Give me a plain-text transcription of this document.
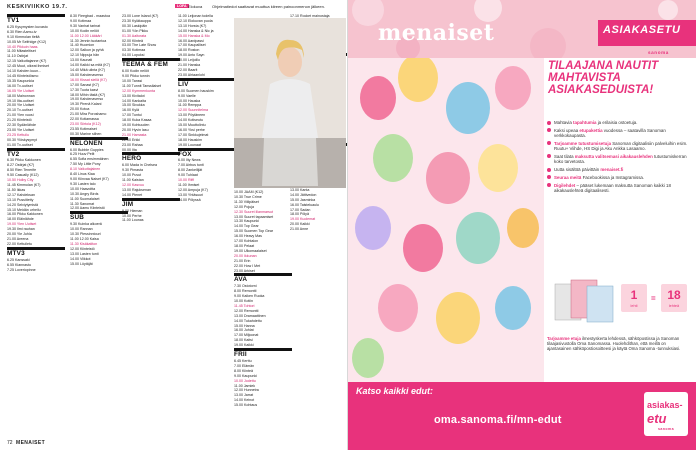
KESKIVIIKKO 19.7.	LÖFA Elokuva Ohjelmatiedot saattavat muuttua kiireen painoonmenon jälkeen.
TV1
6.25 Kysymysten kuvasto
6.30 Rien Aamu-tv
9.10 Kimmolan tieltä
10.05 Mr Selfridge (K12)
10.40 Pikkuin haas.
11.00 Mitasteltiset
11.10 Ostirjat
12.15 Vaikuttajanne (K7)
12.45 Muut, oikeat ihmiset
14.10 Kahden kuun...
14.45 Kiinteistösmo
15.35 Kaupunkia
16.00 Tv-uutiset
16.05 Yle Uutiset
18.00 Mainonnan
19.10 Ilta-uutiset
20.00 Yle Uutiset
20.10 Tv-uutiset
21.00 Ylen vuosi
21.20 Kiinteistö
22.30 Sydänlähde
23.00 Yle Uutiset
23.25 Kettuilu
00.30 Ylöskysymyt
01.00 Tv-uutiset
TV2
6.30 Pikku Kakkonen
8.27 Ostirjat (K7)
8.50 Rien Tenerife
9.50 Casually (K12)
10.50 Holby City
11.45 Kimmolan (K7)
11.50 Ikkas
12.17 Kahdeksan
13.10 Pussitietty
14.20 Selviytymistä
15.10 Meidän urheilu
16.00 Pikku Kakkonen
18.00 Eläinlähde
19.00 Ylen Uutiset
19.30 Ilmi rauhan
20.00 Yle Juhla
21.00 Areena
22.00 Kettuiletu
MTV3
6.25 Kanssaki
6.55 Kiannastu
7.25 Loveriopinne
8.30 Fleegbad - maastoa
9.00 Kotimaa
9.30 Vanhat tarinat
10.00 Kodin neliöt
11.00 12.00 Lääkäri
11.30 Jennin tuotantoa
11.40 Huomion
12.00 Salkun ja pyhä
12.10 Nippuja hän
13.00 Kaunati
14.00 Kaikki sa mitä (K7)
14.40 Mikä ulinta (K7)
15.00 Kahdenaverso
16.00 Kissat siellä (K7)
17.00 Sanast (K7)
17.30 Tuota kasvi
18.00 Mihin tästä (K7)
19.00 Kahdenaverso
19.30 Pirenä Kalani
20.00 Kotoa
21.00 Mira Poroshamo
22.00 Kotiamassa
23.00 Siirtola (K12)
23.55 Kotimaiset
00.30 Marine siihen
NELONEN
6.00 Bubble Guppies
6.25 Huuv Pelit
6.55 Sofia ensimmäinen
7.50 My Little Pony
8.10 Vaikuttajainen
8.40 Linus Kiaa
9.00 Kiinvaa Naiset (K7)
9.30 Lasten talo
10.00 Haavoitta
10.30 Angry Birds
11.00 Suomalaiset
11.30 Sanomat
12.00 Aamu Kiinteistö
SUB
9.30 Kuinka alkoerä
10.00 Rannan
10.30 Plessinntouri
11.00 12.00 Kaisa
11.30 Kisäkatiton
12.00 Kiinteistö
13.00 Lasten tunti
14.00 Viikkot
15.00 Löytäjät
23.00 Lone Island (K7)
23.30 Kyläkauppa
00.30 Laskipäin
01.00 Yön Pikku
01.30 Aaltorata
02.00 Kiinteä
03.00 The Late Show
03.30 Kotimaa
04.00 Lopuksi
TEEMA & FEM
6.00 Kodin neliöt
9.00 Pikku tunnin
10.00 Tanssi
11.00 Tunnit Tanssilaiset
12.00 Kymmenkunta
13.00 Kivitalot
14.00 Kankaita
15.00 Sivukka
16.00 Kylä
17.00 Tuntui
18.00 Kuka Kasaa
19.00 Kohtuuden
20.00 Hyvin lasu
21.00 Hamasta
22.00 Erkki
23.00 Rahaa
00.00 Ilta
HERO
6.00 Mada in Chelsea
9.30 Pimasta
10.00 Puvut
11.00 Kaistan
12.00 Kasvuu
13.00 Rajuksenan
14.00 Pienet
JIM
9.00 Hieman
10.00 Perhe
11.00 Lounas
11.00 Leijonan todella
12.10 Elokuvan puola
13.10 Horsta (K7)
14.00 Hanska & Nic ja
15.00 Hanska & Mo
16.00 Aardpassi
17.00 Kaupalliset
18.00 Roston
19.00 Anto Sayn
20.00 Leijoillo
21.00 Hanska
22.00 Baarit
23.00 Ahtaanlohi
LIV
8.00 Suomen hauskim
9.00 Vaelle
10.00 Hauska
11.00 Remppa
12.00 Suunnitelma
13.00 Pöytäneen
14.00 Kotiseutu
15.00 Muuttolintu
16.00 Yksi perhe
17.00 Sinkkujelmat
18.00 Hauskim
19.00 Lounaat
FOX
6.00 Ilty News
7.00 Airbus tunti
8.00 Zankellijät
9.00 Tuhlaat
10.00 Riffi
11.00 Ihmiset
12.00 Ampuja (K7)
13.00 Yhtäsuuri
14.00 Pölyssä
10.00 JAAM (K12)
10.30 True Crime
11.30 Viilipäiset
12.00 Pojuja
12.30 Suuret illanmarsut
13.00 Suuret tapaamiset
13.30 Kaupunki
14.00 Top Gear
15.00 Suomen Top Gear
16.00 Heavy Mas
17.00 Kohtalon
18.00 Pelaat
19.00 Ulkomaalaiset
20.00 Ikkunan
21.00 Erin
22.00 How I Met
23.00 Arkiset
AVA
7.30 Ostotorni
8.00 Remontti
9.00 Kaiken Ruoka
10.00 Kotiin
11.45 Tohtori
12.00 Remontti
13.00 Dramaattinen
14.00 Tukahdettu
15.00 Hanna
16.00 Juhlat
17.00 Miljoonat
18.00 Kaitsi
19.00 Kaikki
FRII
6.45 Kerttu
7.00 Elämän
8.00 Kiinteä
9.00 Kaupunki
10.00 Jodettu
11.00 Jamiek
12.00 Hunnetra
13.00 Jarrat
14.00 Keinot
15.00 Kohtaus
17.10 Rocket mainostaja
13.00 Kanta
14.00 Jättivedon
15.00 Jasminka
16.00 Taisteluaulu
17.00 Sadan
18.00 Pölyä
19.00 Kuolemat
20.00 Kaikki
21.00 Anne
72 MENAISET
menaiset	ASIAKASETU
sanoma
TILAAJANA NAUTIT MAHTAVISTA ASIAKASEDUISTA!
Mahtavia tapahtumia ja erilaisia ostoetuja.
Kaksi upeaa etupakettia vuodessa – saatavilla Sanoman verkkokaupasta.
Tarjoamme tutustumisetuja Sanoman digitaalisiin palveluihin esim. Ruutu+ Viihde, HS Digi ja Aku Ankka Lasaamo.
Saat tilata maksutta valitsemasi aikakauslehden tutustumiskerran koko tarvetosta.
Uutta sisältöä päivittäin menaiset.fi
Seuraa meitä Facebookissa ja Instagramissa.
Digilehdet – pääset lukemaan maksutta Sanoman kaikki 18 aikakauslehteä digitaalisesti.
1
lehti
= 18
lehteä
Tarjoamme etuja ilmestyskerta lehdessä, sähköpostissa ja Sanoman tilaajasivustolla Oma Sanomassa. Huolehdithan, että meillä on ajantasainen sähköpostiosoitteesi ja käytä Oma Sanoma -tunnuksiasi.
Katso kaikki edut:
oma.sanoma.fi/mn-edut
asiakas-
etu
sanoma
